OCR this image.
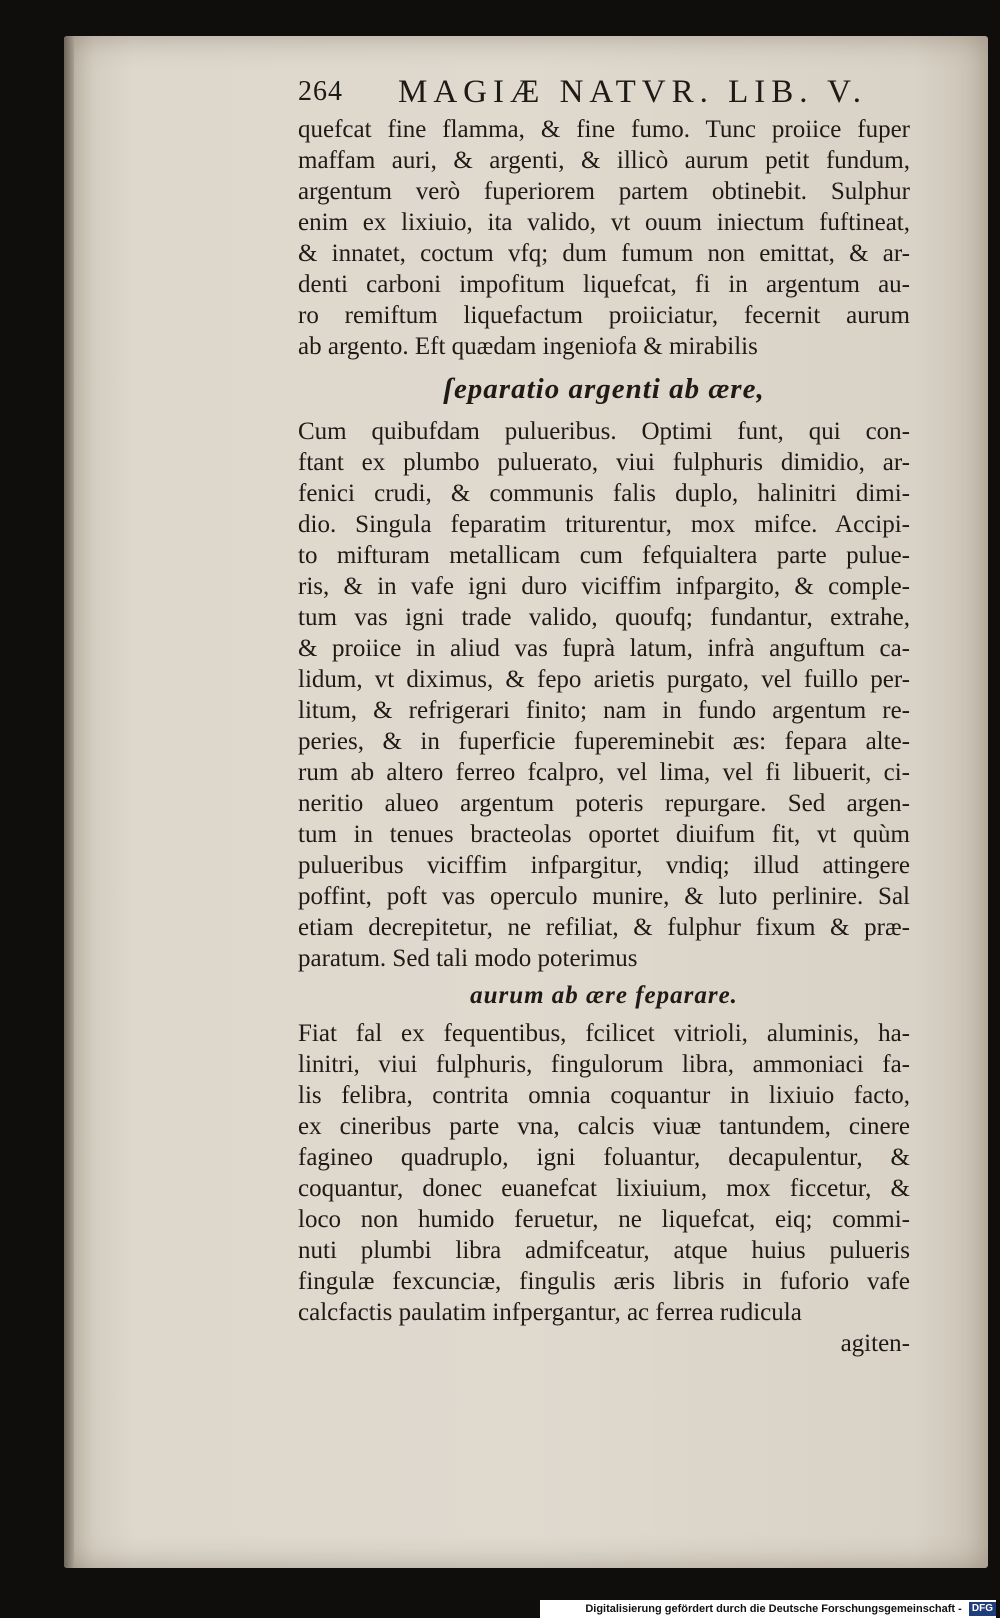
264 MAGIÆ NATVR. LIB. V.
quefcat fine flamma, & fine fumo. Tunc proiice fuper
maffam auri, & argenti, & illicò aurum petit fundum,
argentum verò fuperiorem partem obtinebit. Sulphur
enim ex lixiuio, ita valido, vt ouum iniectum fuftineat,
& innatet, coctum vfq; dum fumum non emittat, & ar-
denti carboni impofitum liquefcat, fi in argentum au-
ro remiftum liquefactum proiiciatur, fecernit aurum
ab argento. Eft quædam ingeniofa & mirabilis
ſeparatio argenti ab ære,
Cum quibufdam pulueribus. Optimi funt, qui con-
ftant ex plumbo puluerato, viui fulphuris dimidio, ar-
fenici crudi, & communis falis duplo, halinitri dimi-
dio. Singula feparatim triturentur, mox mifce. Accipi-
to mifturam metallicam cum fefquialtera parte pulue-
ris, & in vafe igni duro viciffim infpargito, & comple-
tum vas igni trade valido, quoufq; fundantur, extrahe,
& proiice in aliud vas fuprà latum, infrà anguftum ca-
lidum, vt diximus, & fepo arietis purgato, vel fuillo per-
litum, & refrigerari finito; nam in fundo argentum re-
peries, & in fuperficie fupereminebit æs: fepara alte-
rum ab altero ferreo fcalpro, vel lima, vel fi libuerit, ci-
neritio alueo argentum poteris repurgare. Sed argen-
tum in tenues bracteolas oportet diuifum fit, vt quùm
pulueribus viciffim infpargitur, vndiq; illud attingere
poffint, poft vas operculo munire, & luto perlinire. Sal
etiam decrepitetur, ne refiliat, & fulphur fixum & præ-
paratum. Sed tali modo poterimus
aurum ab ære feparare.
Fiat fal ex fequentibus, fcilicet vitrioli, aluminis, ha-
linitri, viui fulphuris, fingulorum libra, ammoniaci fa-
lis felibra, contrita omnia coquantur in lixiuio facto,
ex cineribus parte vna, calcis viuæ tantundem, cinere
fagineo quadruplo, igni foluantur, decapulentur, &
coquantur, donec euanefcat lixiuium, mox ficcetur, &
loco non humido feruetur, ne liquefcat, eiq; commi-
nuti plumbi libra admifceatur, atque huius pulueris
fingulæ fexcunciæ, fingulis æris libris in fuforio vafe
calcfactis paulatim infpergantur, ac ferrea rudicula
agiten-
Digitalisierung gefördert durch die Deutsche Forschungsgemeinschaft - DFG
